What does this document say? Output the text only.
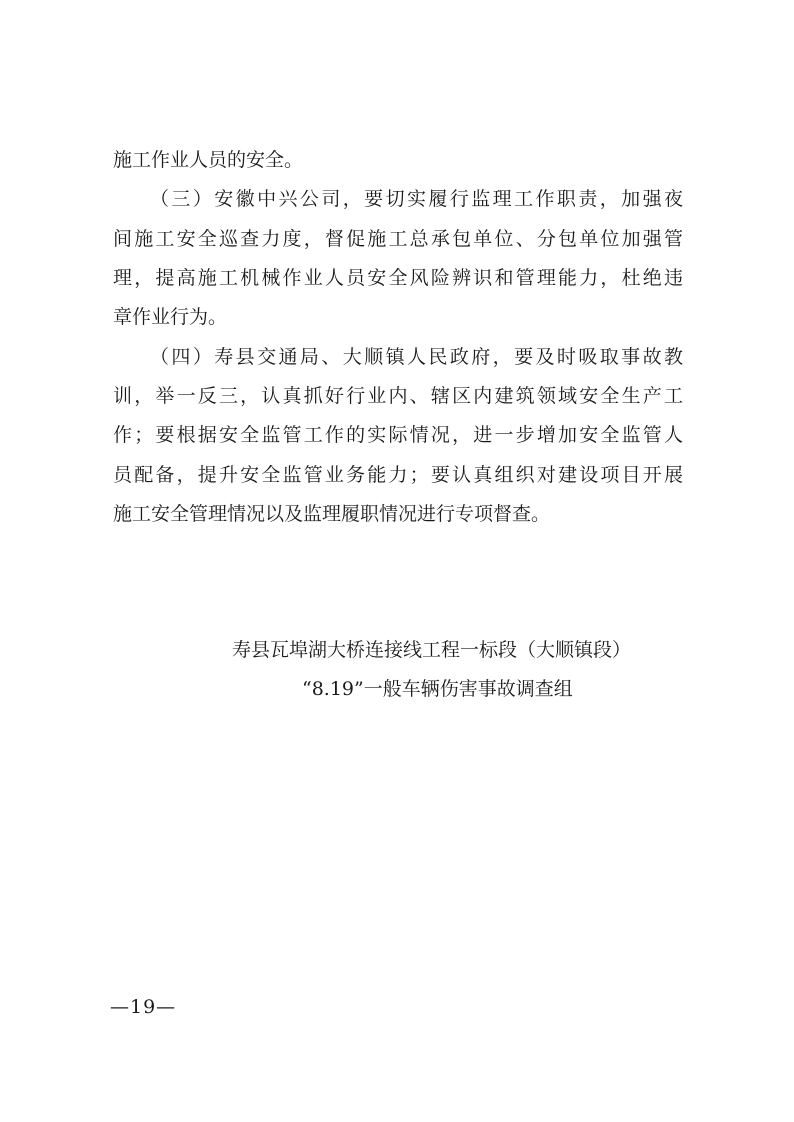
施工作业人员的安全。
（三）安徽中兴公司，要切实履行监理工作职责，加强夜
间施工安全巡查力度，督促施工总承包单位、分包单位加强管
理，提高施工机械作业人员安全风险辨识和管理能力，杜绝违
章作业行为。
（四）寿县交通局、大顺镇人民政府，要及时吸取事故教
训，举一反三，认真抓好行业内、辖区内建筑领域安全生产工
作；要根据安全监管工作的实际情况，进一步增加安全监管人
员配备，提升安全监管业务能力；要认真组织对建设项目开展
施工安全管理情况以及监理履职情况进行专项督查。
寿县瓦埠湖大桥连接线工程一标段（大顺镇段）
“8.19”一般车辆伤害事故调查组
—19—
